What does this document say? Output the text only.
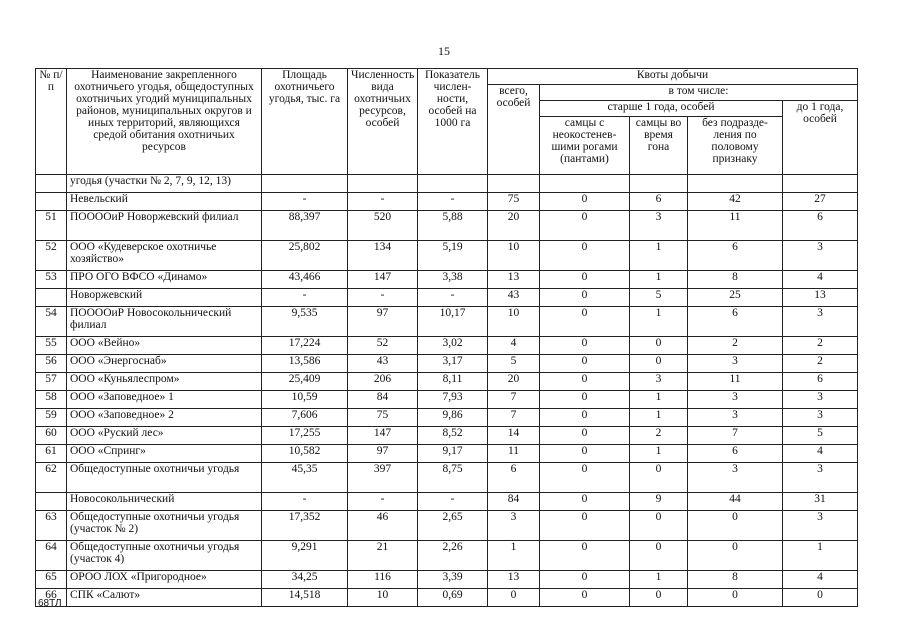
15
№ п/п	Наименование закрепленного охотничьего угодья, общедоступных охотничьих угодий муниципальных районов, муниципальных округов и иных территорий, являющихся средой обитания охотничьих ресурсов	Площадь охотничьего угодья, тыс. га	Численность вида охотничьих ресурсов, особей	Показатель числен-ности, особей на 1000 га	Квоты добычи				
					всего, особей	в том числе:			
						старше 1 года, особей			до 1 года, особей
						самцы с неокостенев-шими рогами (пантами)	самцы во время гона	без подразде-ления по половому признаку	
	угодья (участки № 2, 7, 9, 12, 13)								
	Невельский	-	-	-	75	0	6	42	27
51	ПООООиР Новоржевский филиал	88,397	520	5,88	20	0	3	11	6
52	ООО «Кудеверское охотничье хозяйство»	25,802	134	5,19	10	0	1	6	3
53	ПРО ОГО ВФСО «Динамо»	43,466	147	3,38	13	0	1	8	4
	Новоржевский	-	-	-	43	0	5	25	13
54	ПООООиР Новосокольнический филиал	9,535	97	10,17	10	0	1	6	3
55	ООО «Вейно»	17,224	52	3,02	4	0	0	2	2
56	ООО «Энергоснаб»	13,586	43	3,17	5	0	0	3	2
57	ООО «Куньялеспром»	25,409	206	8,11	20	0	3	11	6
58	ООО «Заповедное» 1	10,59	84	7,93	7	0	1	3	3
59	ООО «Заповедное» 2	7,606	75	9,86	7	0	1	3	3
60	ООО «Руский лес»	17,255	147	8,52	14	0	2	7	5
61	ООО «Спринг»	10,582	97	9,17	11	0	1	6	4
62	Общедоступные охотничьи угодья	45,35	397	8,75	6	0	0	3	3
	Новосокольнический	-	-	-	84	0	9	44	31
63	Общедоступные охотничьи угодья (участок № 2)	17,352	46	2,65	3	0	0	0	3
64	Общедоступные охотничьи угодья (участок 4)	9,291	21	2,26	1	0	0	0	1
65	ОРОО ЛОХ «Пригородное»	34,25	116	3,39	13	0	1	8	4
66	СПК «Салют»	14,518	10	0,69	0	0	0	0	0
68ТЛ
